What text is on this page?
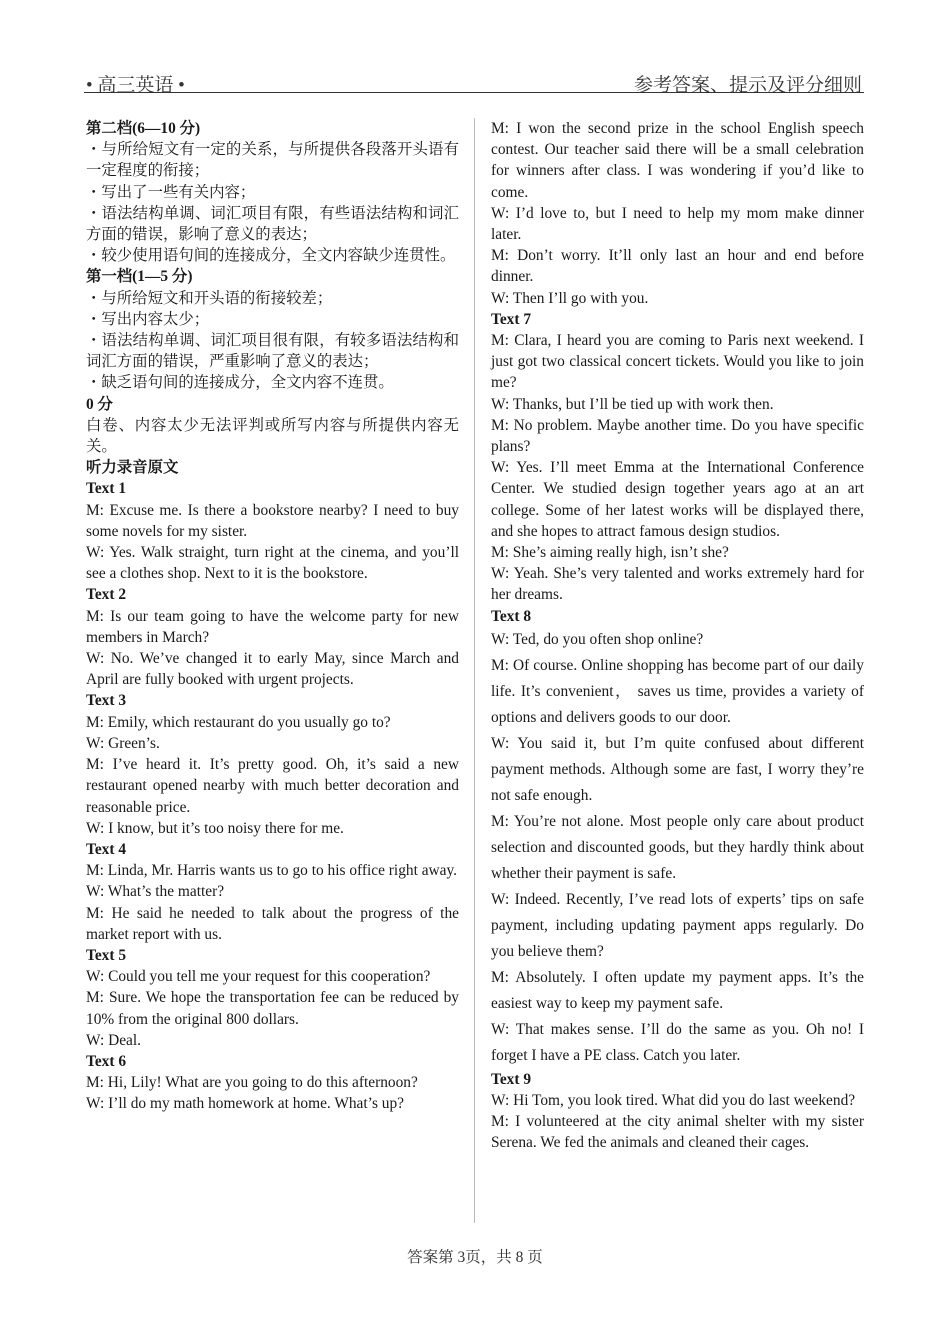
• 高三英语 •	参考答案、提示及评分细则
第二档(6—10 分)
・与所给短文有一定的关系，与所提供各段落开头语有一定程度的衔接；
・写出了一些有关内容；
・语法结构单调、词汇项目有限，有些语法结构和词汇方面的错误，影响了意义的表达；
・较少使用语句间的连接成分，全文内容缺少连贯性。
第一档(1—5 分)
・与所给短文和开头语的衔接较差；
・写出内容太少；
・语法结构单调、词汇项目很有限，有较多语法结构和词汇方面的错误，严重影响了意义的表达；
・缺乏语句间的连接成分，全文内容不连贯。
0 分
白卷、内容太少无法评判或所写内容与所提供内容无关。
听力录音原文
Text 1
M: Excuse me. Is there a bookstore nearby? I need to buy some novels for my sister.
W: Yes. Walk straight, turn right at the cinema, and you’ll see a clothes shop. Next to it is the bookstore.
Text 2
M: Is our team going to have the welcome party for new members in March?
W: No. We’ve changed it to early May, since March and April are fully booked with urgent projects.
Text 3
M: Emily, which restaurant do you usually go to?
W: Green’s.
M: I’ve heard it. It’s pretty good. Oh, it’s said a new restaurant opened nearby with much better decoration and reasonable price.
W: I know, but it’s too noisy there for me.
Text 4
M: Linda, Mr. Harris wants us to go to his office right away.
W: What’s the matter?
M: He said he needed to talk about the progress of the market report with us.
Text 5
W: Could you tell me your request for this cooperation?
M: Sure. We hope the transportation fee can be reduced by 10% from the original 800 dollars.
W: Deal.
Text 6
M: Hi, Lily! What are you going to do this afternoon?
W: I’ll do my math homework at home. What’s up?
M: I won the second prize in the school English speech contest. Our teacher said there will be a small celebration for winners after class. I was wondering if you’d like to come.
W: I’d love to, but I need to help my mom make dinner later.
M: Don’t worry. It’ll only last an hour and end before dinner.
W: Then I’ll go with you.
Text 7
M: Clara, I heard you are coming to Paris next weekend. I just got two classical concert tickets. Would you like to join me?
W: Thanks, but I’ll be tied up with work then.
M: No problem. Maybe another time. Do you have specific plans?
W: Yes. I’ll meet Emma at the International Conference Center. We studied design together years ago at an art college. Some of her latest works will be displayed there, and she hopes to attract famous design studios.
M: She’s aiming really high, isn’t she?
W: Yeah. She’s very talented and works extremely hard for her dreams.
Text 8
W: Ted, do you often shop online?
M: Of course. Online shopping has become part of our daily life. It’s convenient， saves us time, provides a variety of options and delivers goods to our door.
W: You said it, but I’m quite confused about different payment methods. Although some are fast, I worry they’re not safe enough.
M: You’re not alone. Most people only care about product selection and discounted goods, but they hardly think about whether their payment is safe.
W: Indeed. Recently, I’ve read lots of experts’ tips on safe payment, including updating payment apps regularly. Do you believe them?
M: Absolutely. I often update my payment apps. It’s the easiest way to keep my payment safe.
W: That makes sense. I’ll do the same as you. Oh no! I forget I have a PE class. Catch you later.
Text 9
W: Hi Tom, you look tired. What did you do last weekend?
M: I volunteered at the city animal shelter with my sister Serena. We fed the animals and cleaned their cages.
答案第 3页，共 8 页
